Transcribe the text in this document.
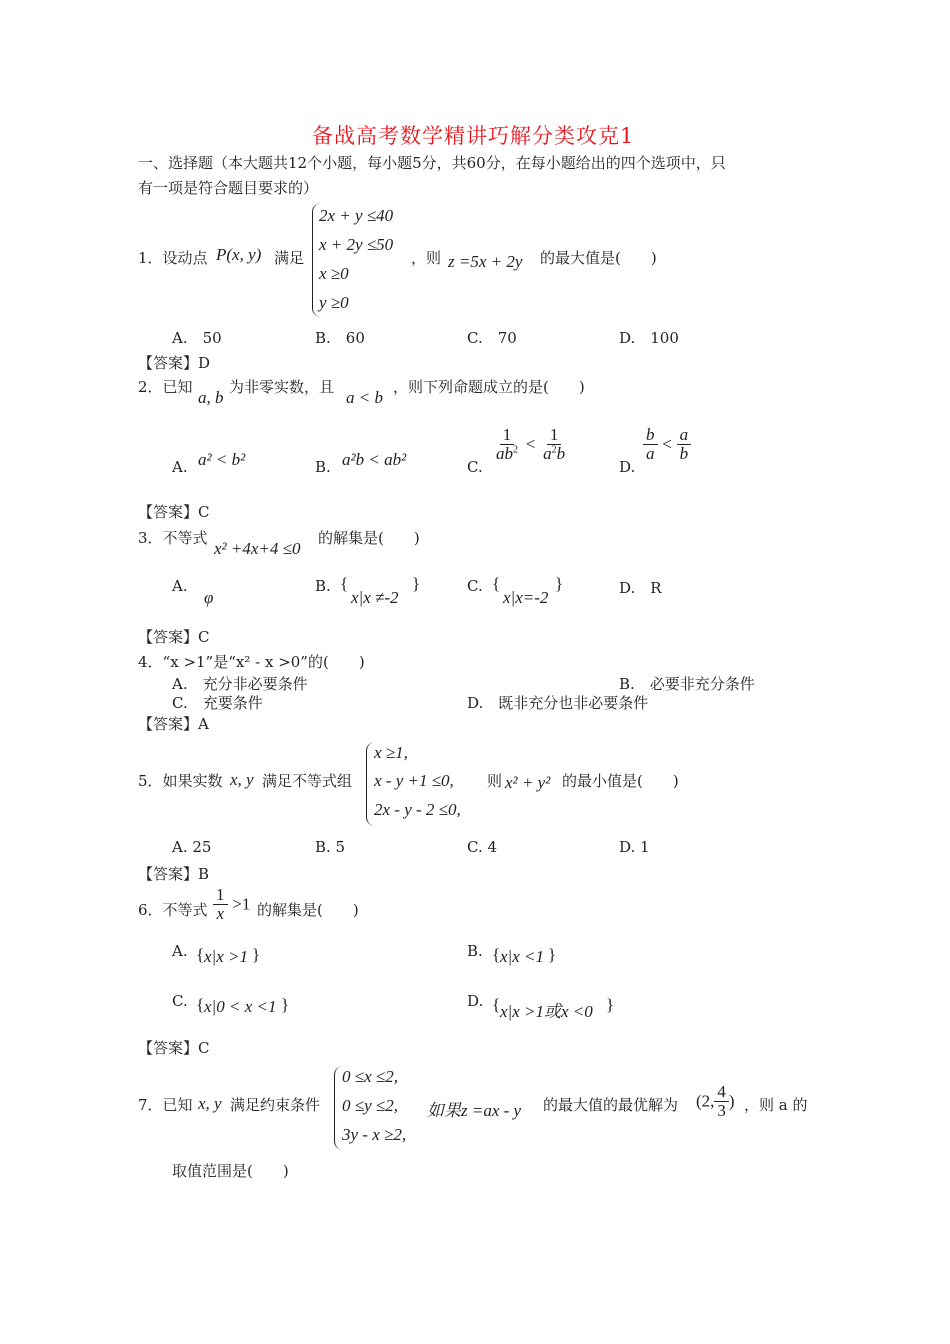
备战高考数学精讲巧解分类攻克1
一、选择题（本大题共12个小题，每小题5分，共60分，在每小题给出的四个选项中，只
有一项是符合题目要求的）
1．设动点 P(x, y) 满足
2x + y ≤40
x + 2y ≤50
x ≥0
y ≥0
，则 z =5x + 2y 的最大值是(　　)
A.　50	B.　60	C.　70	D.　100
【答案】D
2．已知
a, b
为非零实数，且
a < b
，则下列命题成立的是(　　)
A. a² < b²	B. a²b < ab²	C.
$\frac{1}{ab^2} < \frac{1}{a^2b}$
D.
$\frac{b}{a} < \frac{a}{b}$
【答案】C
3．不等式
x² +4x+4 ≤0
的解集是(　　)
A.
φ
B. {
x|x ≠-2
}	C. {
x|x=-2
}	D.　R
【答案】C
4．“x >1”是“x² - x >0”的(　　)
A.　充分非必要条件	B.　必要非充分条件
C.　充要条件	D.　既非充分也非必要条件
【答案】A
5．如果实数 x, y 满足不等式组
x ≥1,
x - y +1 ≤0,
2x - y - 2 ≤0,
则 x² + y² 的最小值是(　　)
A. 25	B. 5	C. 4	D. 1
【答案】B
6．不等式 $\frac{1}{x} >1$ 的解集是(　　)
A. { x|x >1 }	B. { x|x <1 }
C. { x|0 < x <1 }	D. { x|x >1或x <0 }
【答案】C
7．已知 x, y 满足约束条件
0 ≤x ≤2,
0 ≤y ≤2,
3y - x ≥2,
如果z =ax - y 的最大值的最优解为 (2, $\frac{4}{3}$ ) ，则 a 的
取值范围是(　　)
